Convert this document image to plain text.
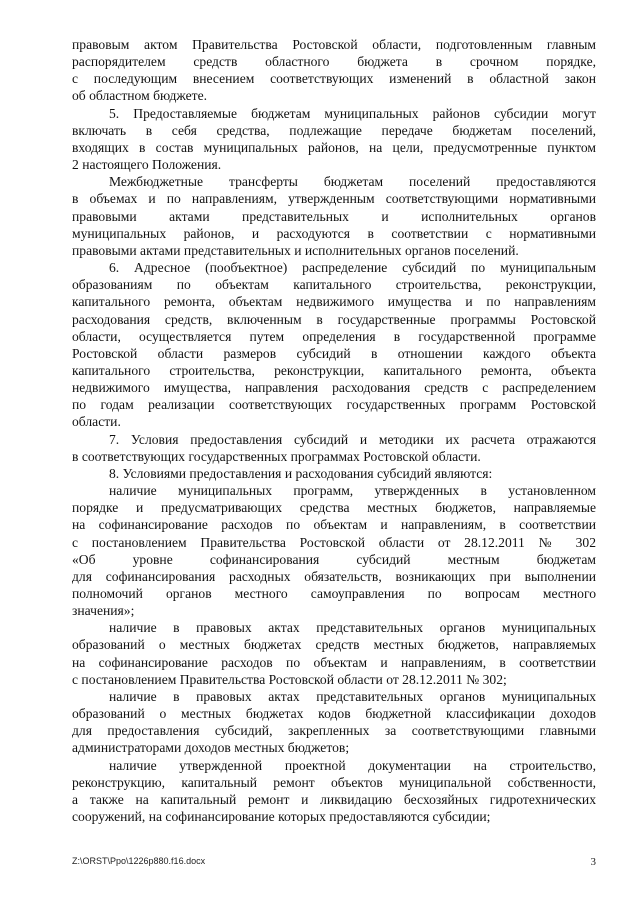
правовым актом Правительства Ростовской области, подготовленным главным
распорядителем средств областного бюджета в срочном порядке,
с последующим внесением соответствующих изменений в областной закон
об областном бюджете.

5. Предоставляемые бюджетам муниципальных районов субсидии могут
включать в себя средства, подлежащие передаче бюджетам поселений,
входящих в состав муниципальных районов, на цели, предусмотренные пунктом
2 настоящего Положения.

Межбюджетные трансферты бюджетам поселений предоставляются
в объемах и по направлениям, утвержденным соответствующими нормативными
правовыми актами представительных и исполнительных органов
муниципальных районов, и расходуются в соответствии с нормативными
правовыми актами представительных и исполнительных органов поселений.

6. Адресное (пообъектное) распределение субсидий по муниципальным
образованиям по объектам капитального строительства, реконструкции,
капитального ремонта, объектам недвижимого имущества и по направлениям
расходования средств, включенным в государственные программы Ростовской
области, осуществляется путем определения в государственной программе
Ростовской области размеров субсидий в отношении каждого объекта
капитального строительства, реконструкции, капитального ремонта, объекта
недвижимого имущества, направления расходования средств с распределением
по годам реализации соответствующих государственных программ Ростовской
области.

7. Условия предоставления субсидий и методики их расчета отражаются
в соответствующих государственных программах Ростовской области.

8. Условиями предоставления и расходования субсидий являются:

наличие муниципальных программ, утвержденных в установленном
порядке и предусматривающих средства местных бюджетов, направляемые
на софинансирование расходов по объектам и направлениям, в соответствии
с постановлением Правительства Ростовской области от 28.12.2011 № 302
«Об уровне софинансирования субсидий местным бюджетам
для софинансирования расходных обязательств, возникающих при выполнении
полномочий органов местного самоуправления по вопросам местного
значения»;

наличие в правовых актах представительных органов муниципальных
образований о местных бюджетах средств местных бюджетов, направляемых
на софинансирование расходов по объектам и направлениям, в соответствии
с постановлением Правительства Ростовской области от 28.12.2011 № 302;

наличие в правовых актах представительных органов муниципальных
образований о местных бюджетах кодов бюджетной классификации доходов
для предоставления субсидий, закрепленных за соответствующими главными
администраторами доходов местных бюджетов;

наличие утвержденной проектной документации на строительство,
реконструкцию, капитальный ремонт объектов муниципальной собственности,
а также на капитальный ремонт и ликвидацию бесхозяйных гидротехнических
сооружений, на софинансирование которых предоставляются субсидии;

Z:\ORST\Ppo\1226p880.f16.docx	3
